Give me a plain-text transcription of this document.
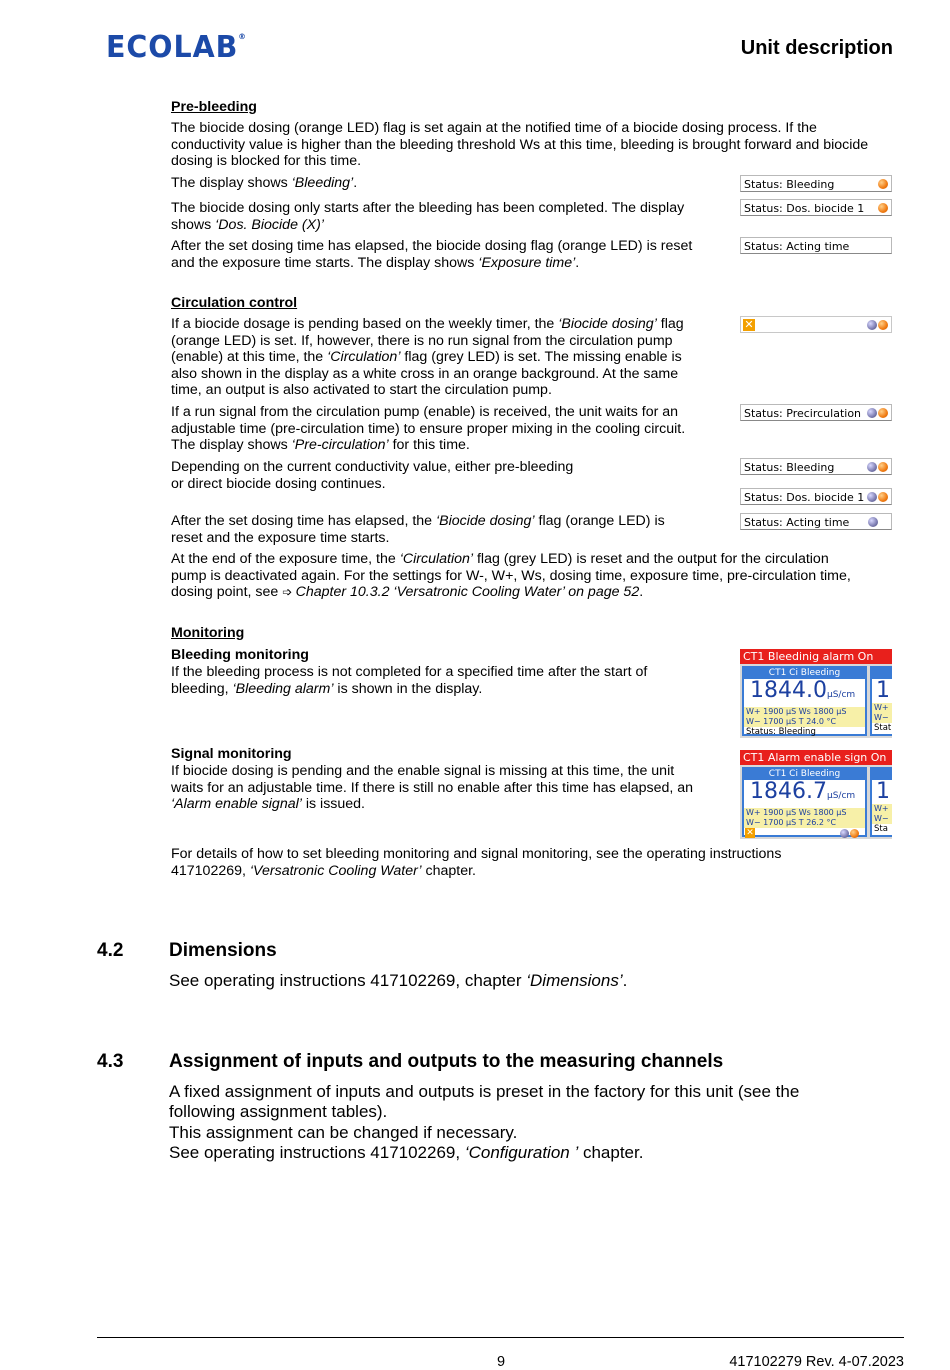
ECOLAB®
Unit description
Pre-bleeding
The biocide dosing (orange LED) flag is set again at the notified time of a biocide dosing process. If the conductivity value is higher than the bleeding threshold Ws at this time, bleeding is brought forward and biocide dosing is blocked for this time.
The display shows ‘Bleeding’.
The biocide dosing only starts after the bleeding has been completed. The display
shows ‘Dos. Biocide (X)’
After the set dosing time has elapsed, the biocide dosing flag (orange LED) is reset
and the exposure time starts. The display shows ‘Exposure time’.
Status: Bleeding
Status: Dos. biocide 1
Status: Acting time
Circulation control
If a biocide dosage is pending based on the weekly timer, the ‘Biocide dosing’ flag
(orange LED) is set. If, however, there is no run signal from the circulation pump
(enable) at this time, the ‘Circulation’ flag (grey LED) is set. The missing enable is
also shown in the display as a white cross in an orange background. At the same
time, an output is also activated to start the circulation pump.
If a run signal from the circulation pump (enable) is received, the unit waits for an
adjustable time (pre-circulation time) to ensure proper mixing in the cooling circuit.
The display shows ‘Pre-circulation’ for this time.
Depending on the current conductivity value, either pre-bleeding
or direct biocide dosing continues.
After the set dosing time has elapsed, the ‘Biocide dosing’ flag (orange LED) is
reset and the exposure time starts.
At the end of the exposure time, the ‘Circulation’ flag (grey LED) is reset and the output for the circulation
pump is deactivated again. For the settings for W-, W+, Ws, dosing time, exposure time, pre-circulation time,
dosing point, see ➩ Chapter 10.3.2 ‘Versatronic Cooling Water’ on page 52.
✕
Status: Precirculation
Status: Bleeding
Status: Dos. biocide 1
Status: Acting time
Monitoring
Bleeding monitoring
If the bleeding process is not completed for a specified time after the start of
bleeding, ‘Bleeding alarm’ is shown in the display.
Signal monitoring
If biocide dosing is pending and the enable signal is missing at this time, the unit
waits for an adjustable time. If there is still no enable after this time has elapsed, an
‘Alarm enable signal’ is issued.
For details of how to set bleeding monitoring and signal monitoring, see the operating instructions
417102269, ‘Versatronic Cooling Water’ chapter.
CT1 Bleedinig alarm On
CT1 Ci Bleeding
1844.0μS/cm
W+ 1900 μS Ws 1800 μS
W− 1700 μS T 24.0 °C
Status: Bleeding
1
W+
W−
Stat
CT1 Alarm enable sign On
CT1 Ci Bleeding
1846.7μS/cm
W+ 1900 μS Ws 1800 μS
W− 1700 μS T 26.2 °C
✕
1
W+
W−
Sta
4.2 Dimensions
See operating instructions 417102269, chapter ‘Dimensions’.
4.3 Assignment of inputs and outputs to the measuring channels
A fixed assignment of inputs and outputs is preset in the factory for this unit (see the
following assignment tables).
This assignment can be changed if necessary.
See operating instructions 417102269, ‘Configuration ’ chapter.
9	417102279 Rev. 4-07.2023
